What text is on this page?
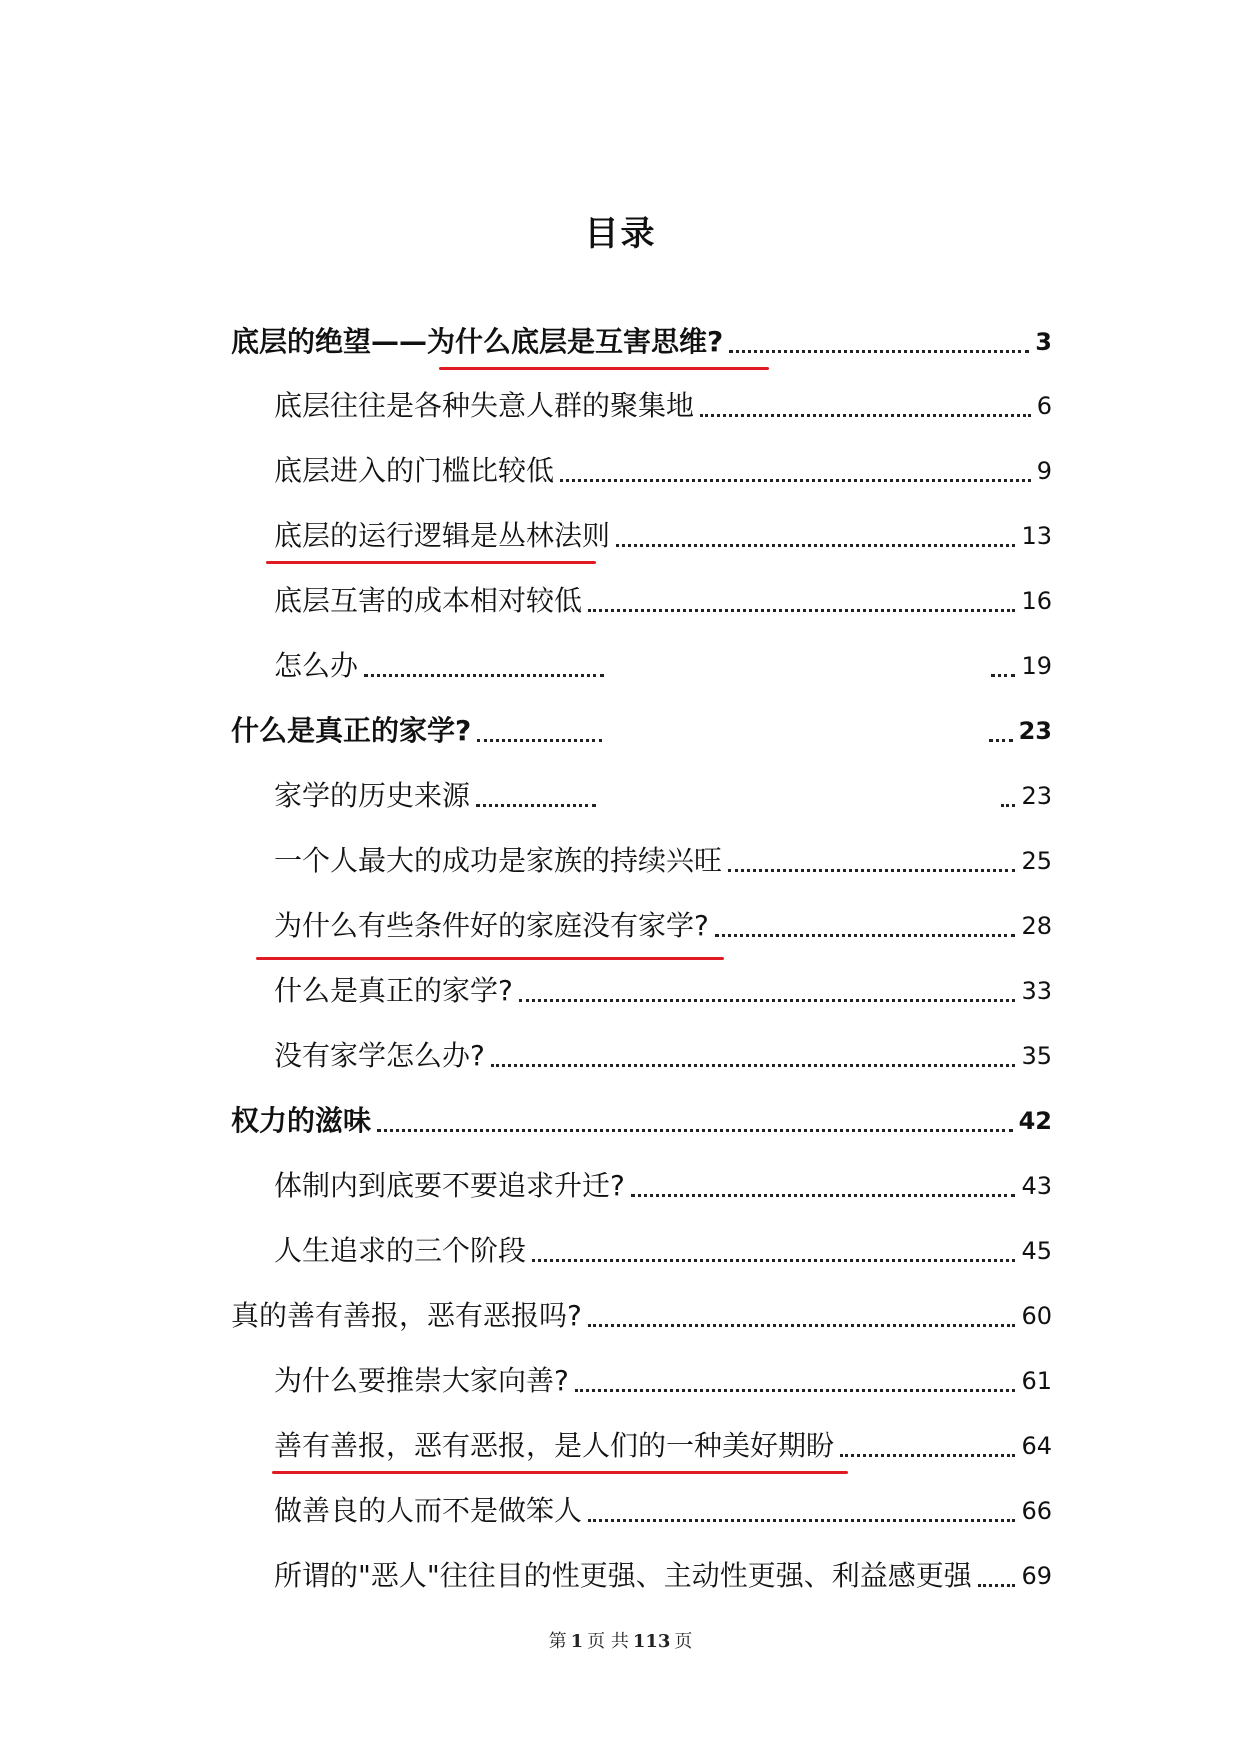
目录
底层的绝望——为什么底层是互害思维?	3
底层往往是各种失意人群的聚集地	6
底层进入的门槛比较低	9
底层的运行逻辑是丛林法则	13
底层互害的成本相对较低	16
怎么办	19
什么是真正的家学?	23
家学的历史来源	23
一个人最大的成功是家族的持续兴旺	25
为什么有些条件好的家庭没有家学?	28
什么是真正的家学?	33
没有家学怎么办?	35
权力的滋味	42
体制内到底要不要追求升迁?	43
人生追求的三个阶段	45
真的善有善报，恶有恶报吗?	60
为什么要推崇大家向善?	61
善有善报，恶有恶报，是人们的一种美好期盼	64
做善良的人而不是做笨人	66
所谓的"恶人"往往目的性更强、主动性更强、利益感更强 69
第 1 页 共 113 页
